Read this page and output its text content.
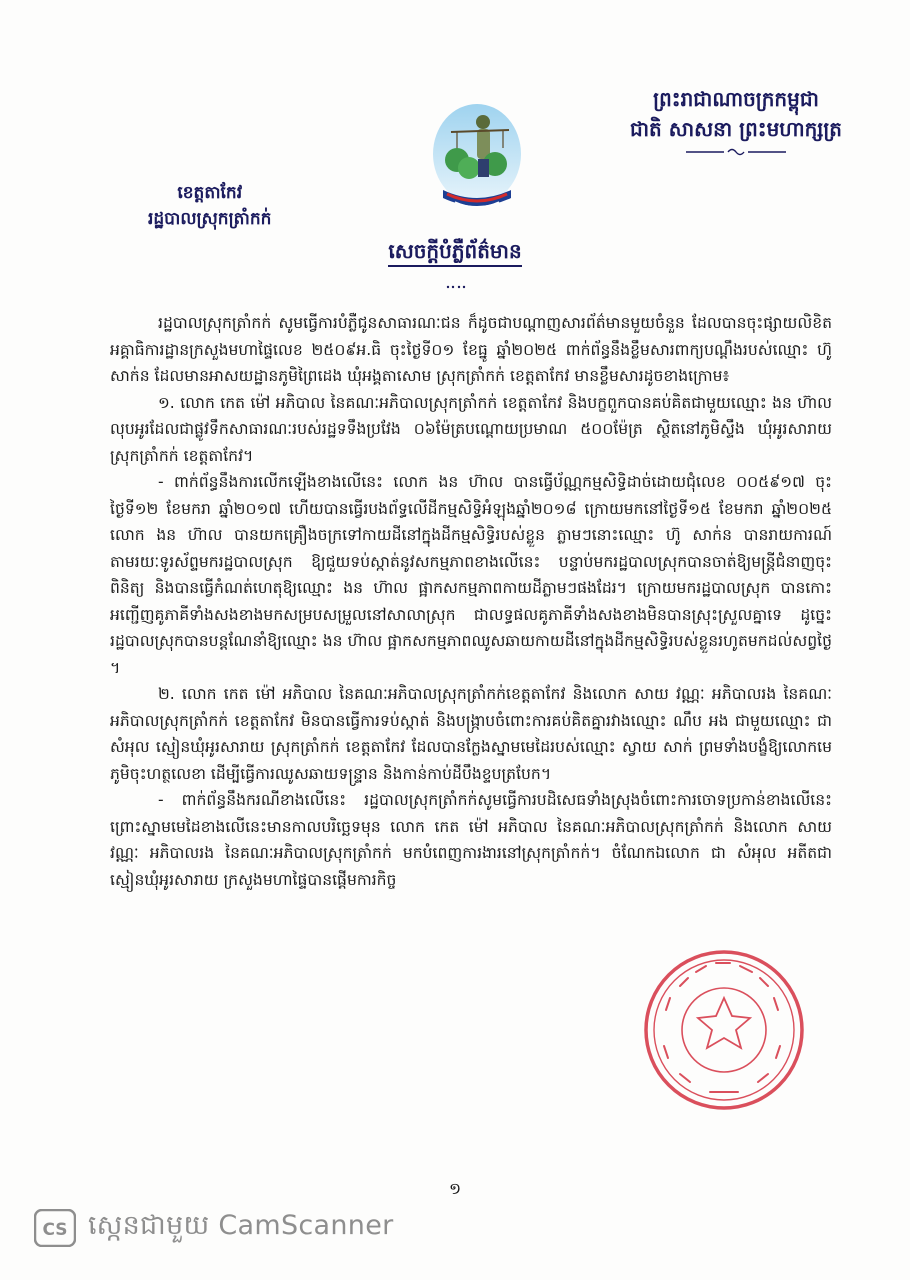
ព្រះរាជាណាចក្រកម្ពុជា
ជាតិ សាសនា ព្រះមហាក្សត្រ
ខេត្តតាកែវ
រដ្ឋបាលស្រុកត្រាំកក់
សេចក្តីបំភ្លឺព័ត៌មាន

រដ្ឋបាលស្រុកត្រាំកក់ សូមធ្វើការបំភ្លឺជូនសាធារណៈជន ក៏ដូចជាបណ្តាញសារព័ត៌មានមួយចំនួន ដែលបានចុះផ្សាយលិខិតអគ្គាធិការដ្ឋានក្រសួងមហាផ្ទៃលេខ ២៥០៩អ.ធិ ចុះថ្ងៃទី០១ ខែធ្នូ ឆ្នាំ២០២៥ ពាក់ព័ន្ធនឹងខ្លឹមសារពាក្យបណ្តឹងរបស់ឈ្មោះ ហ៊ូ សាក់ន ដែលមានអាសយដ្ឋានភូមិព្រៃដេង ឃុំអង្គតាសោម ស្រុកត្រាំកក់ ខេត្តតាកែវ មានខ្លឹមសារដូចខាងក្រោម៖

១. លោក កេត ម៉ៅ អភិបាល នៃគណៈអភិបាលស្រុកត្រាំកក់ ខេត្តតាកែវ និងបក្ខពួកបានគប់គិតជាមួយឈ្មោះ ងន ហ៊ាល លុបអូរដែលជាផ្លូវទឹកសាធារណៈរបស់រដ្ឋទទឹងប្រវែង ០៦ម៉ែត្របណ្តោយប្រមាណ ៥០០ម៉ែត្រ ស្ថិតនៅភូមិស្ទឹង ឃុំអូរសារាយ ស្រុកត្រាំកក់ ខេត្តតាកែវ។

- ពាក់ព័ន្ធនឹងការលើកឡើងខាងលើនេះ លោក ងន ហ៊ាល បានធ្វើប័ណ្ណកម្មសិទ្ធិដាច់ដោយជុំលេខ ០០៥៩១៧ ចុះថ្ងៃទី១២ ខែមករា ឆ្នាំ២០១៧ ហើយបានធ្វើរបងព័ទ្ធលើដីកម្មសិទ្ធិអំឡុងឆ្នាំ២០១៨ ក្រោយមកនៅថ្ងៃទី១៥ ខែមករា ឆ្នាំ២០២៥ លោក ងន ហ៊ាល បានយកគ្រឿងចក្រទៅកាយដីនៅក្នុងដីកម្មសិទ្ធិរបស់ខ្លួន ភ្លាមៗនោះឈ្មោះ ហ៊ូ សាក់ន បានរាយការណ៍តាមរយៈទូរស័ព្ទមករដ្ឋបាលស្រុក ឱ្យជួយទប់ស្កាត់នូវសកម្មភាពខាងលើនេះ បន្ទាប់មករដ្ឋបាលស្រុកបានចាត់ឱ្យមន្រ្តីជំនាញចុះពិនិត្យ និងបានធ្វើកំណត់ហេតុឱ្យឈ្មោះ ងន ហ៊ាល ផ្អាកសកម្មភាពកាយដីភ្លាមៗផងដែរ។ ក្រោយមករដ្ឋបាលស្រុក បានកោះអញ្ជើញគូភាគីទាំងសងខាងមកសម្របសម្រួលនៅសាលាស្រុក ជាលទ្ធផលគូភាគីទាំងសងខាងមិនបានស្រុះស្រួលគ្នាទេ ដូច្នេះ រដ្ឋបាលស្រុកបានបន្តណែនាំឱ្យឈ្មោះ ងន ហ៊ាល ផ្អាកសកម្មភាពឈូសឆាយកាយដីនៅក្នុងដីកម្មសិទ្ធិរបស់ខ្លួនរហូតមកដល់សព្វថ្ងៃ ។

២. លោក កេត ម៉ៅ អភិបាល នៃគណៈអភិបាលស្រុកត្រាំកក់ខេត្តតាកែវ និងលោក សាយ វណ្ណៈ អភិបាលរង នៃគណៈអភិបាលស្រុកត្រាំកក់ ខេត្តតាកែវ មិនបានធ្វើការទប់ស្កាត់ និងបង្ក្រាបចំពោះការគប់គិតគ្នារវាងឈ្មោះ ណឹប អង ជាមួយឈ្មោះ ជា សំអុល ស្មៀនឃុំអូរសារាយ ស្រុកត្រាំកក់ ខេត្តតាកែវ ដែលបានក្លែងស្នាមមេដៃរបស់ឈ្មោះ ស្វាយ សាក់ ព្រមទាំងបង្ខំឱ្យលោកមេភូមិចុះហត្ថលេខា ដើម្បីធ្វើការឈូសឆាយទន្រ្ទាន និងកាន់កាប់ដីបឹងខ្ទបត្របែក។

- ពាក់ព័ន្ធនឹងករណីខាងលើនេះ រដ្ឋបាលស្រុកត្រាំកក់សូមធ្វើការបដិសេធទាំងស្រុងចំពោះការចោទប្រកាន់ខាងលើនេះ ព្រោះស្នាមមេដៃខាងលើនេះមានកាលបរិច្ឆេទមុន លោក កេត ម៉ៅ អភិបាល នៃគណៈអភិបាលស្រុកត្រាំកក់ និងលោក សាយ វណ្ណៈ អភិបាលរង នៃគណៈអភិបាលស្រុកត្រាំកក់ មកបំពេញការងារនៅស្រុកត្រាំកក់។ ចំណែកឯលោក ជា សំអុល អតីតជាស្មៀនឃុំអូរសារាយ ក្រសួងមហាផ្ទៃបានផ្តើមការកិច្ច

១
CS ស្កេនជាមួយ CamScanner
